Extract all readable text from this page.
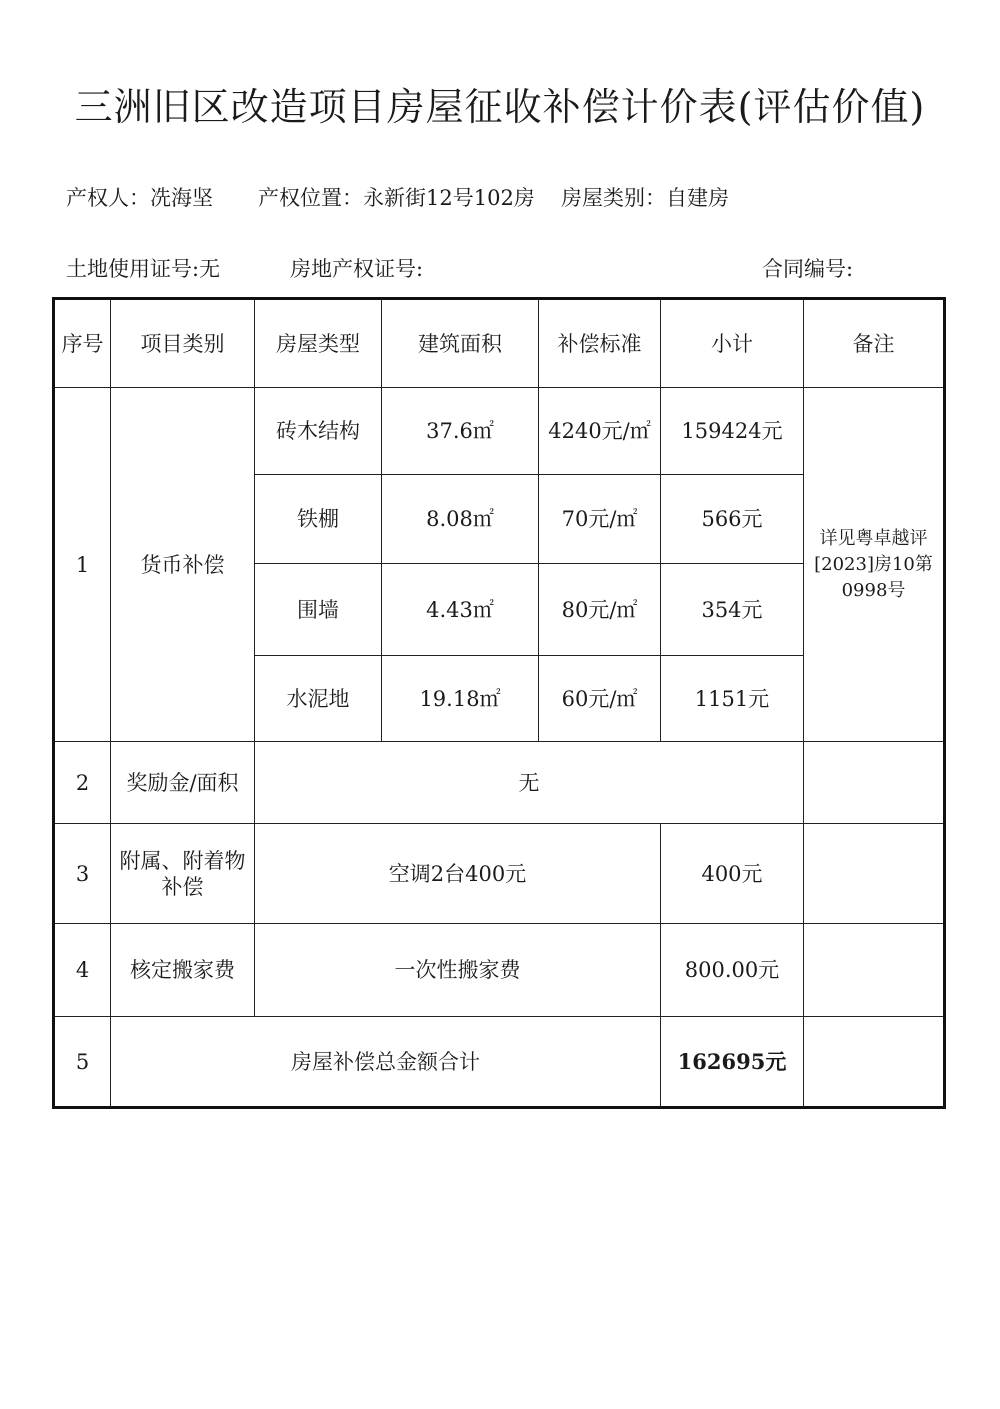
三洲旧区改造项目房屋征收补偿计价表(评估价值)
产权人：冼海坚 产权位置：永新街12号102房 房屋类别：自建房
土地使用证号:无	房地产权证号:	合同编号:
序号	项目类别	房屋类型	建筑面积	补偿标准	小计	备注
1	货币补偿	砖木结构	37.6㎡	4240元/㎡	159424元	详见粤卓越评[2023]房10第0998号
		铁棚	8.08㎡	70元/㎡	566元	
		围墙	4.43㎡	80元/㎡	354元	
		水泥地	19.18㎡	60元/㎡	1151元	
2	奖励金/面积	无				
3	附属、附着物补偿	空调2台400元			400元	
4	核定搬家费	一次性搬家费			800.00元	
5	房屋补偿总金额合计				162695元	
